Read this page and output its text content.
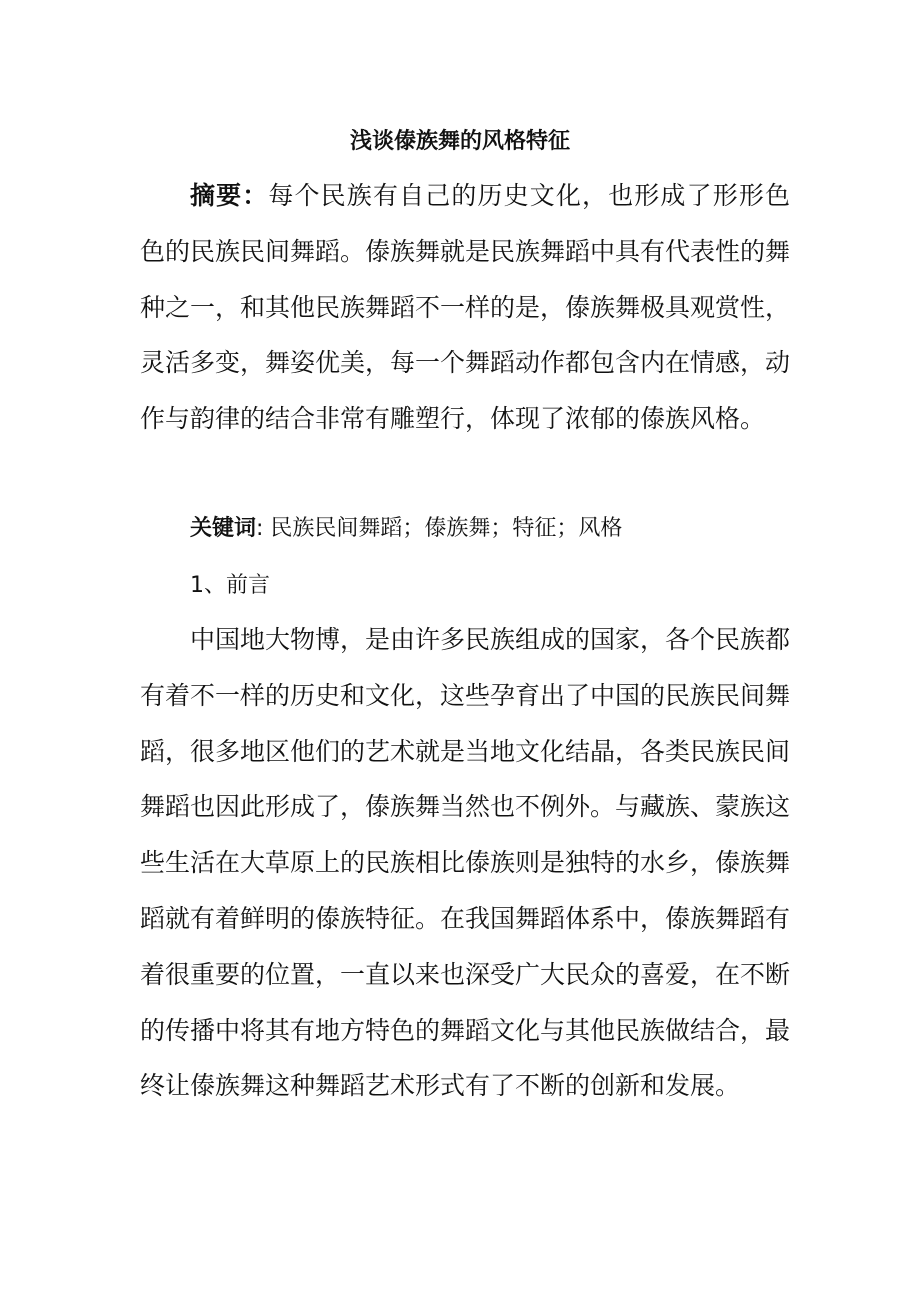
浅谈傣族舞的风格特征

摘要：每个民族有自己的历史文化，也形成了形形色色的民族民间舞蹈。傣族舞就是民族舞蹈中具有代表性的舞种之一，和其他民族舞蹈不一样的是，傣族舞极具观赏性，灵活多变，舞姿优美，每一个舞蹈动作都包含内在情感，动作与韵律的结合非常有雕塑行，体现了浓郁的傣族风格。

关键词: 民族民间舞蹈；傣族舞；特征；风格

1、前言

中国地大物博，是由许多民族组成的国家，各个民族都有着不一样的历史和文化，这些孕育出了中国的民族民间舞蹈，很多地区他们的艺术就是当地文化结晶，各类民族民间舞蹈也因此形成了，傣族舞当然也不例外。与藏族、蒙族这些生活在大草原上的民族相比傣族则是独特的水乡，傣族舞蹈就有着鲜明的傣族特征。在我国舞蹈体系中，傣族舞蹈有着很重要的位置，一直以来也深受广大民众的喜爱，在不断的传播中将其有地方特色的舞蹈文化与其他民族做结合，最终让傣族舞这种舞蹈艺术形式有了不断的创新和发展。
